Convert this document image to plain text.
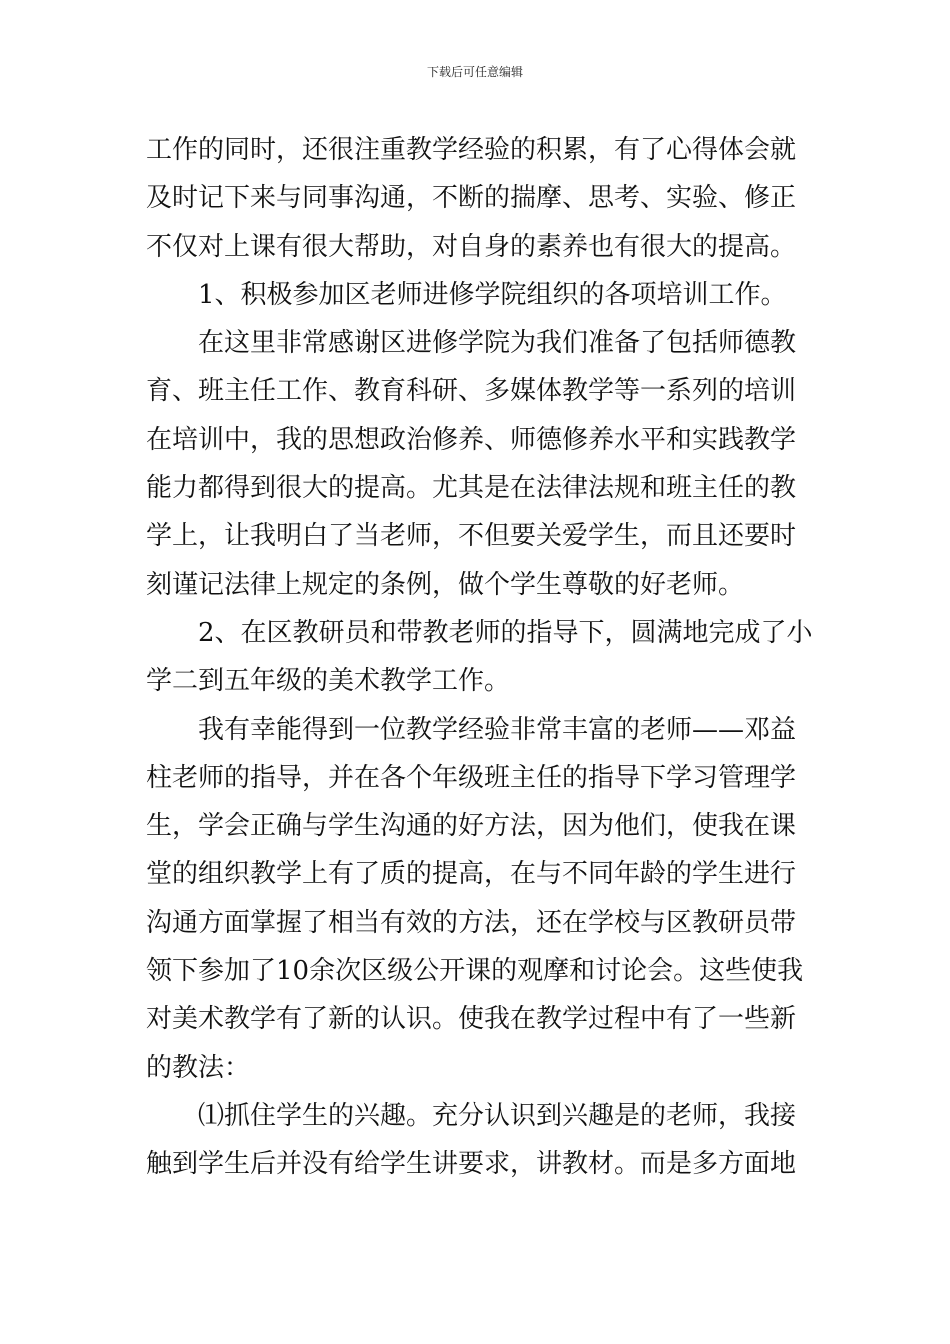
下载后可任意编辑
工作的同时，还很注重教学经验的积累，有了心得体会就
及时记下来与同事沟通，不断的揣摩、思考、实验、修正
不仅对上课有很大帮助，对自身的素养也有很大的提高。
1、积极参加区老师进修学院组织的各项培训工作。
在这里非常感谢区进修学院为我们准备了包括师德教
育、班主任工作、教育科研、多媒体教学等一系列的培训
在培训中，我的思想政治修养、师德修养水平和实践教学
能力都得到很大的提高。尤其是在法律法规和班主任的教
学上，让我明白了当老师，不但要关爱学生，而且还要时
刻谨记法律上规定的条例，做个学生尊敬的好老师。
2、在区教研员和带教老师的指导下，圆满地完成了小
学二到五年级的美术教学工作。
我有幸能得到一位教学经验非常丰富的老师——邓益
柱老师的指导，并在各个年级班主任的指导下学习管理学
生，学会正确与学生沟通的好方法，因为他们，使我在课
堂的组织教学上有了质的提高，在与不同年龄的学生进行
沟通方面掌握了相当有效的方法，还在学校与区教研员带
领下参加了10余次区级公开课的观摩和讨论会。这些使我
对美术教学有了新的认识。使我在教学过程中有了一些新
的教法：
⑴抓住学生的兴趣。充分认识到兴趣是的老师，我接
触到学生后并没有给学生讲要求，讲教材。而是多方面地
